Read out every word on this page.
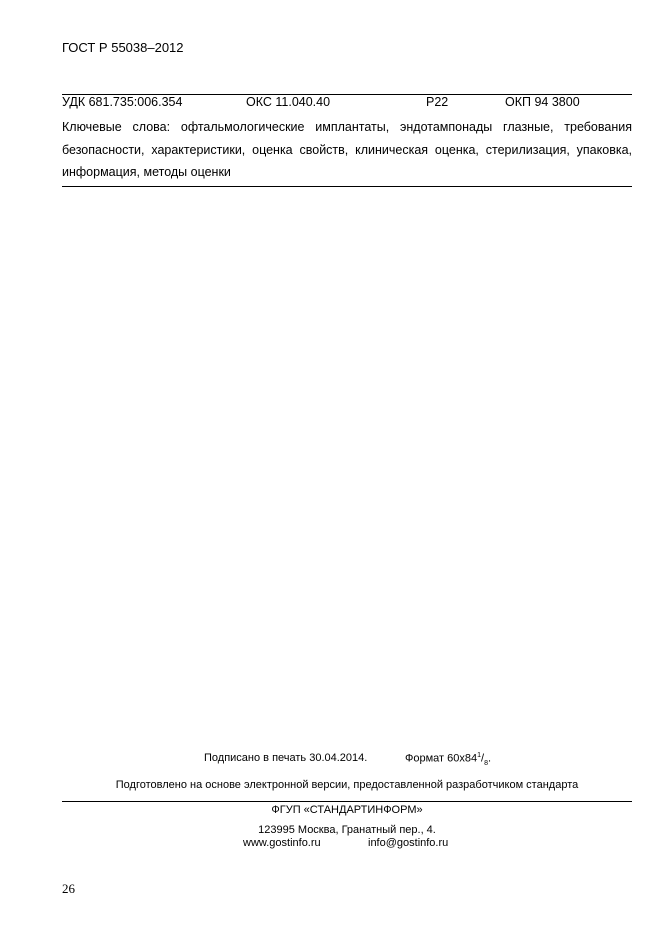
ГОСТ Р 55038–2012
УДК 681.735:006.354	ОКС 11.040.40	Р22	ОКП 94 3800
Ключевые слова: офтальмологические имплантаты, эндотампонады глазные, требования безопасности, характеристики, оценка свойств, клиническая оценка, стерилизация, упаковка, информация, методы оценки
Подписано в печать 30.04.2014.	Формат $60x84^1/_8$.
Подготовлено на основе электронной версии, предоставленной разработчиком стандарта
ФГУП «СТАНДАРТИНФОРМ»
123995 Москва, Гранатный пер., 4.
www.gostinfo.ru	info@gostinfo.ru
26
